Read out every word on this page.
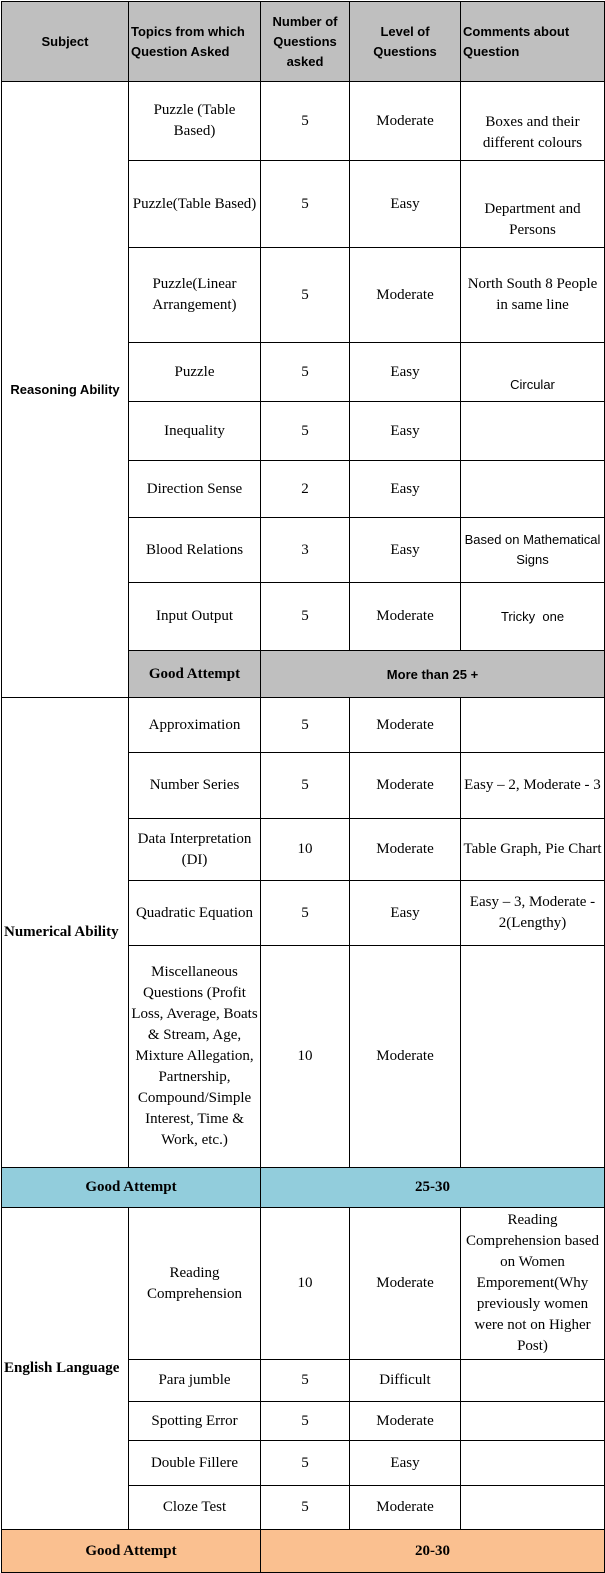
Subject	Topics from which Question Asked	Number of Questions asked	Level of Questions	Comments about Question
Reasoning Ability	Puzzle (Table Based)	5	Moderate	Boxes and their different colours
	Puzzle(Table Based)	5	Easy	Department and Persons
	Puzzle(Linear Arrangement)	5	Moderate	North South 8 People in same line
	Puzzle	5	Easy	Circular
	Inequality	5	Easy	
	Direction Sense	2	Easy	
	Blood Relations	3	Easy	Based on Mathematical Signs
	Input Output	5	Moderate	Tricky  one
	Good Attempt	More than 25 +		
Numerical Ability	Approximation	5	Moderate	
	Number Series	5	Moderate	Easy – 2, Moderate - 3
	Data Interpretation (DI)	10	Moderate	Table Graph, Pie Chart
	Quadratic Equation	5	Easy	Easy – 3, Moderate - 2(Lengthy)
	Miscellaneous Questions (Profit Loss, Average, Boats & Stream, Age, Mixture Allegation, Partnership, Compound/Simple Interest, Time & Work, etc.)	10	Moderate	
Good Attempt		25-30		
English Language	Reading Comprehension	10	Moderate	Reading Comprehension based on Women Emporement(Why previously women were not on Higher Post)
	Para jumble	5	Difficult	
	Spotting Error	5	Moderate	
	Double Fillere	5	Easy	
	Cloze Test	5	Moderate	
Good Attempt		20-30		
